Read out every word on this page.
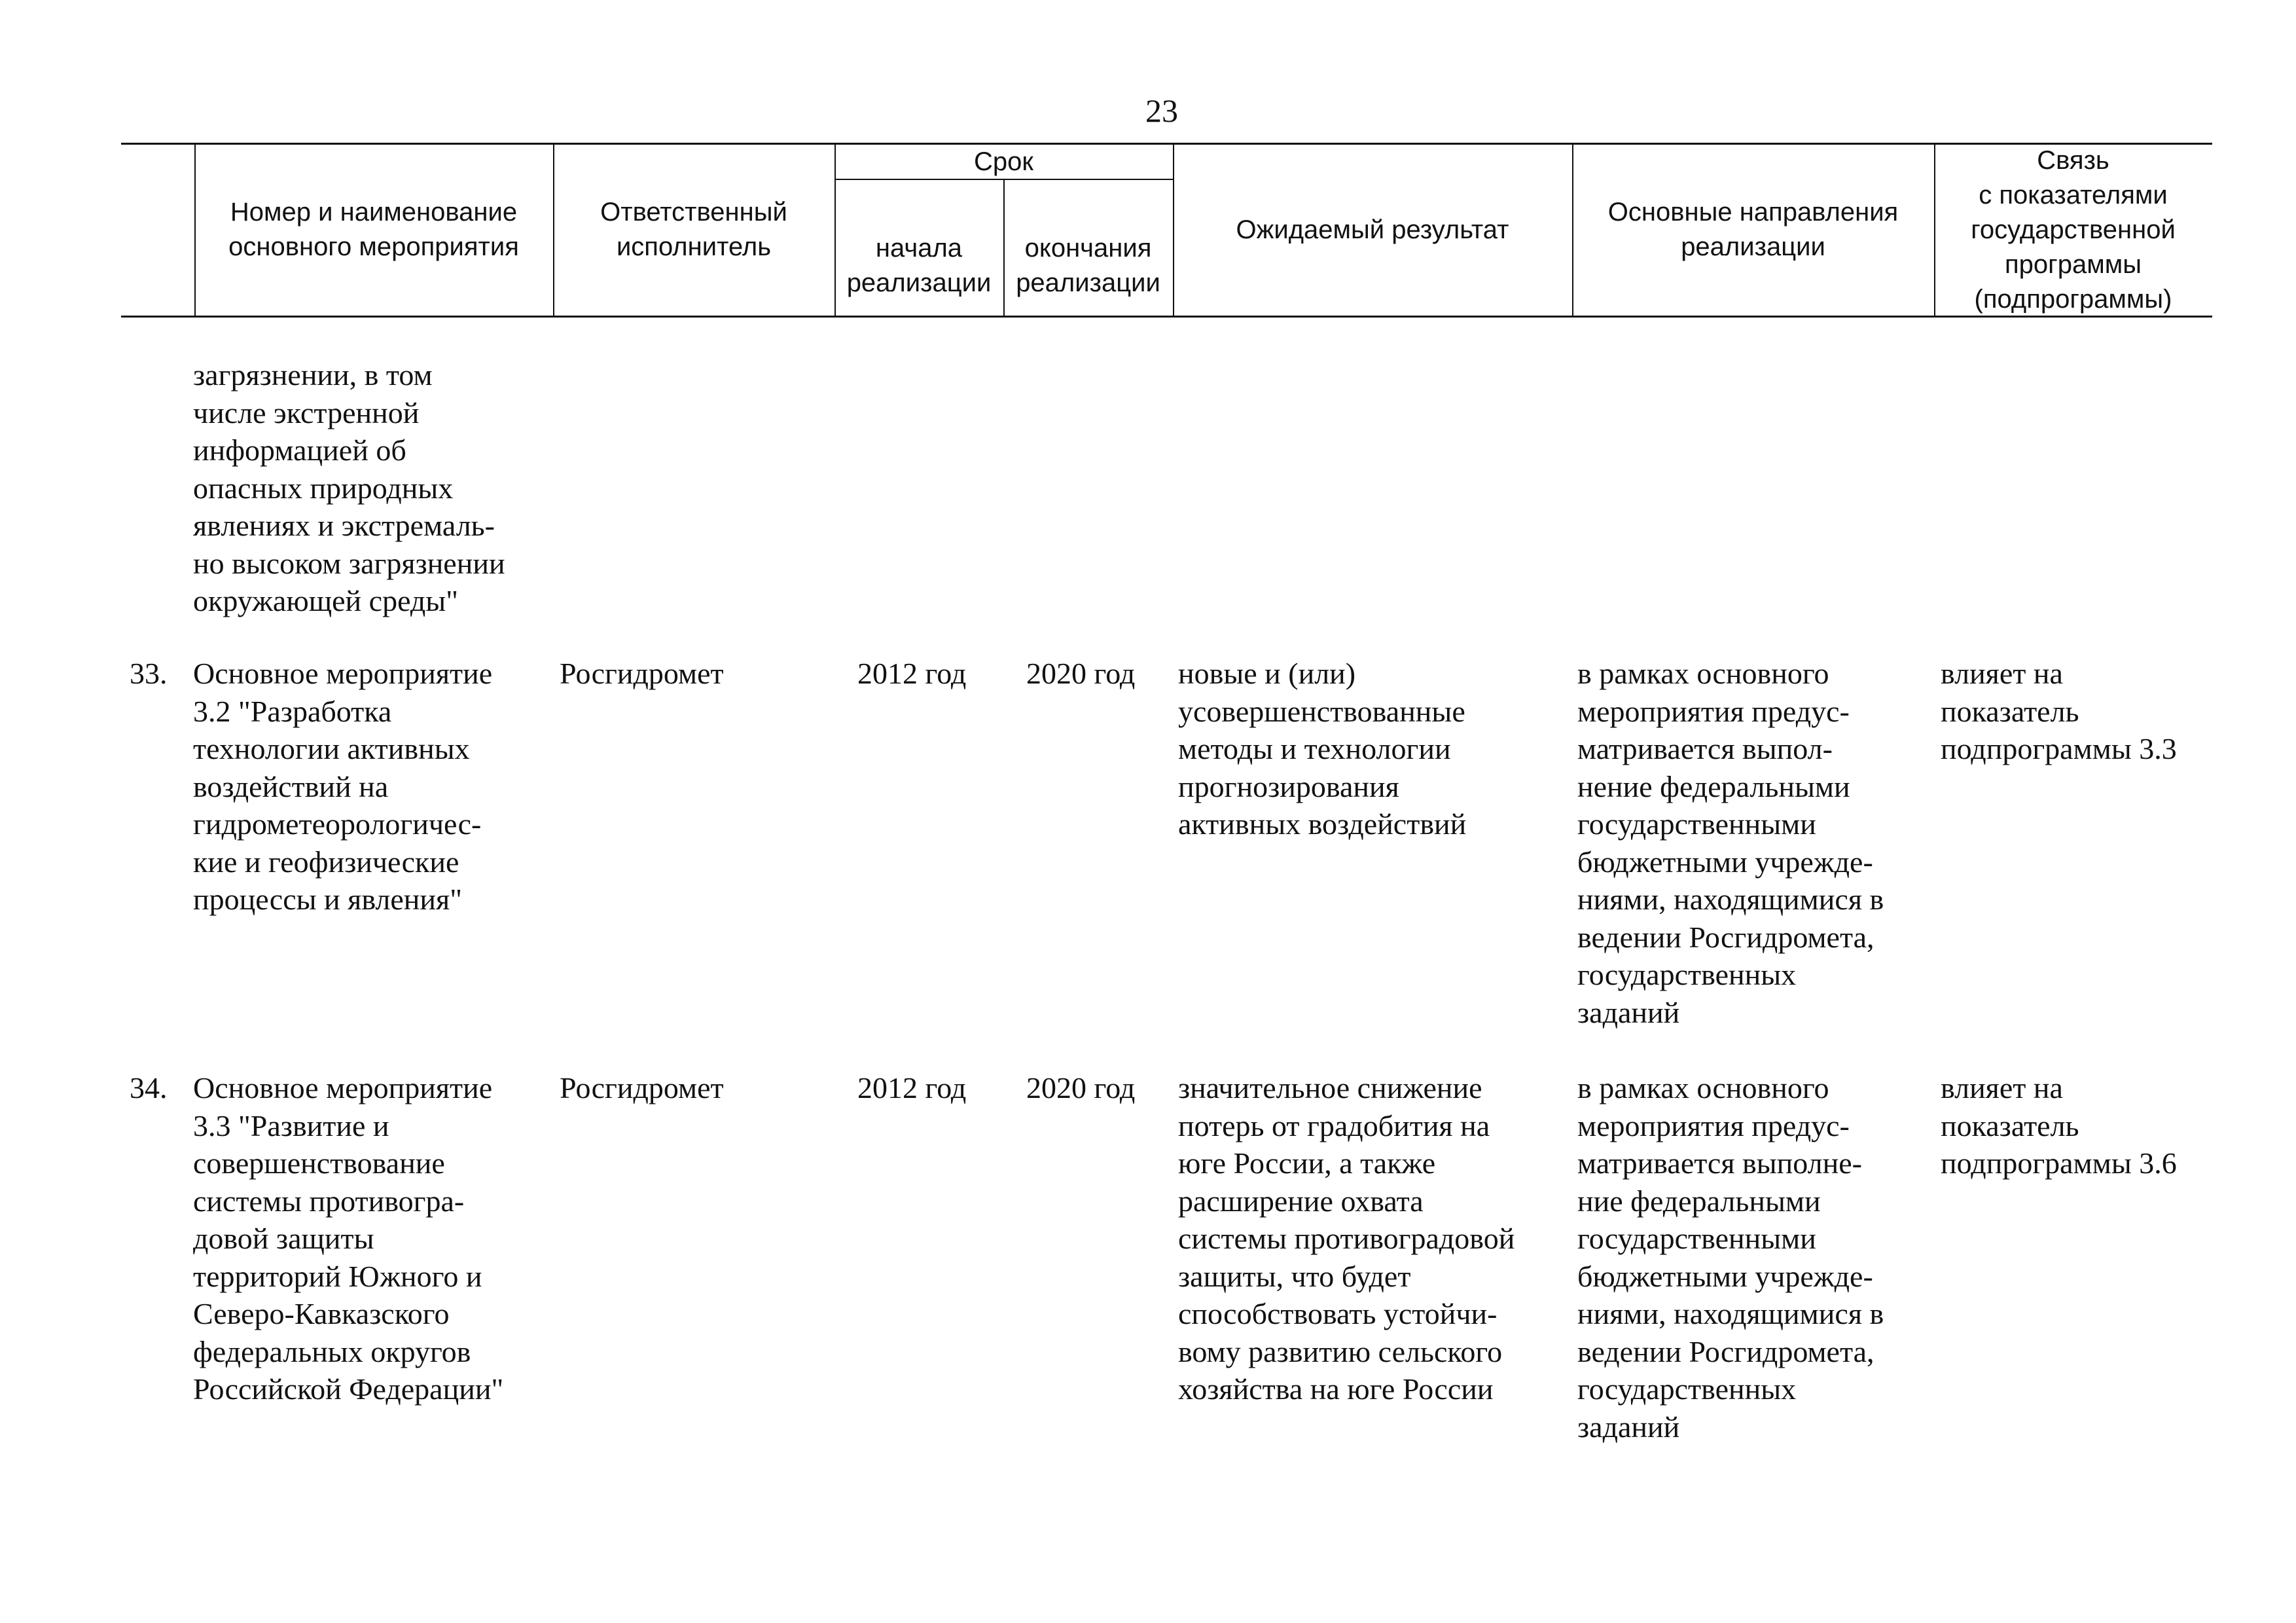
23
Номер и наименование
основного мероприятия
Ответственный
исполнитель
Срок
начала
реализации
окончания
реализации
Ожидаемый результат
Основные направления
реализации
Связь
с показателями
государственной
программы
(подпрограммы)
загрязнении, в том
числе экстренной
информацией об
опасных природных
явлениях и экстремаль-
но высоком загрязнении
окружающей среды"
33. Основное мероприятие
3.2 "Разработка
технологии активных
воздействий на
гидрометеорологичес-
кие и геофизические
процессы и явления"
Росгидромет	2012 год 2020 год новые и (или)
усовершенствованные
методы и технологии
прогнозирования
активных воздействий
в рамках основного
мероприятия предус-
матривается выпол-
нение федеральными
государственными
бюджетными учрежде-
ниями, находящимися в
ведении Росгидромета,
государственных
заданий
влияет на
показатель
подпрограммы 3.3
34. Основное мероприятие
3.3 "Развитие и
совершенствование
системы противогра-
довой защиты
территорий Южного и
Северо-Кавказского
федеральных округов
Российской Федерации"
Росгидромет	2012 год 2020 год значительное снижение
потерь от градобития на
юге России, а также
расширение охвата
системы противоградовой
защиты, что будет
способствовать устойчи-
вому развитию сельского
хозяйства на юге России
в рамках основного
мероприятия предус-
матривается выполне-
ние федеральными
государственными
бюджетными учрежде-
ниями, находящимися в
ведении Росгидромета,
государственных
заданий
влияет на
показатель
подпрограммы 3.6
